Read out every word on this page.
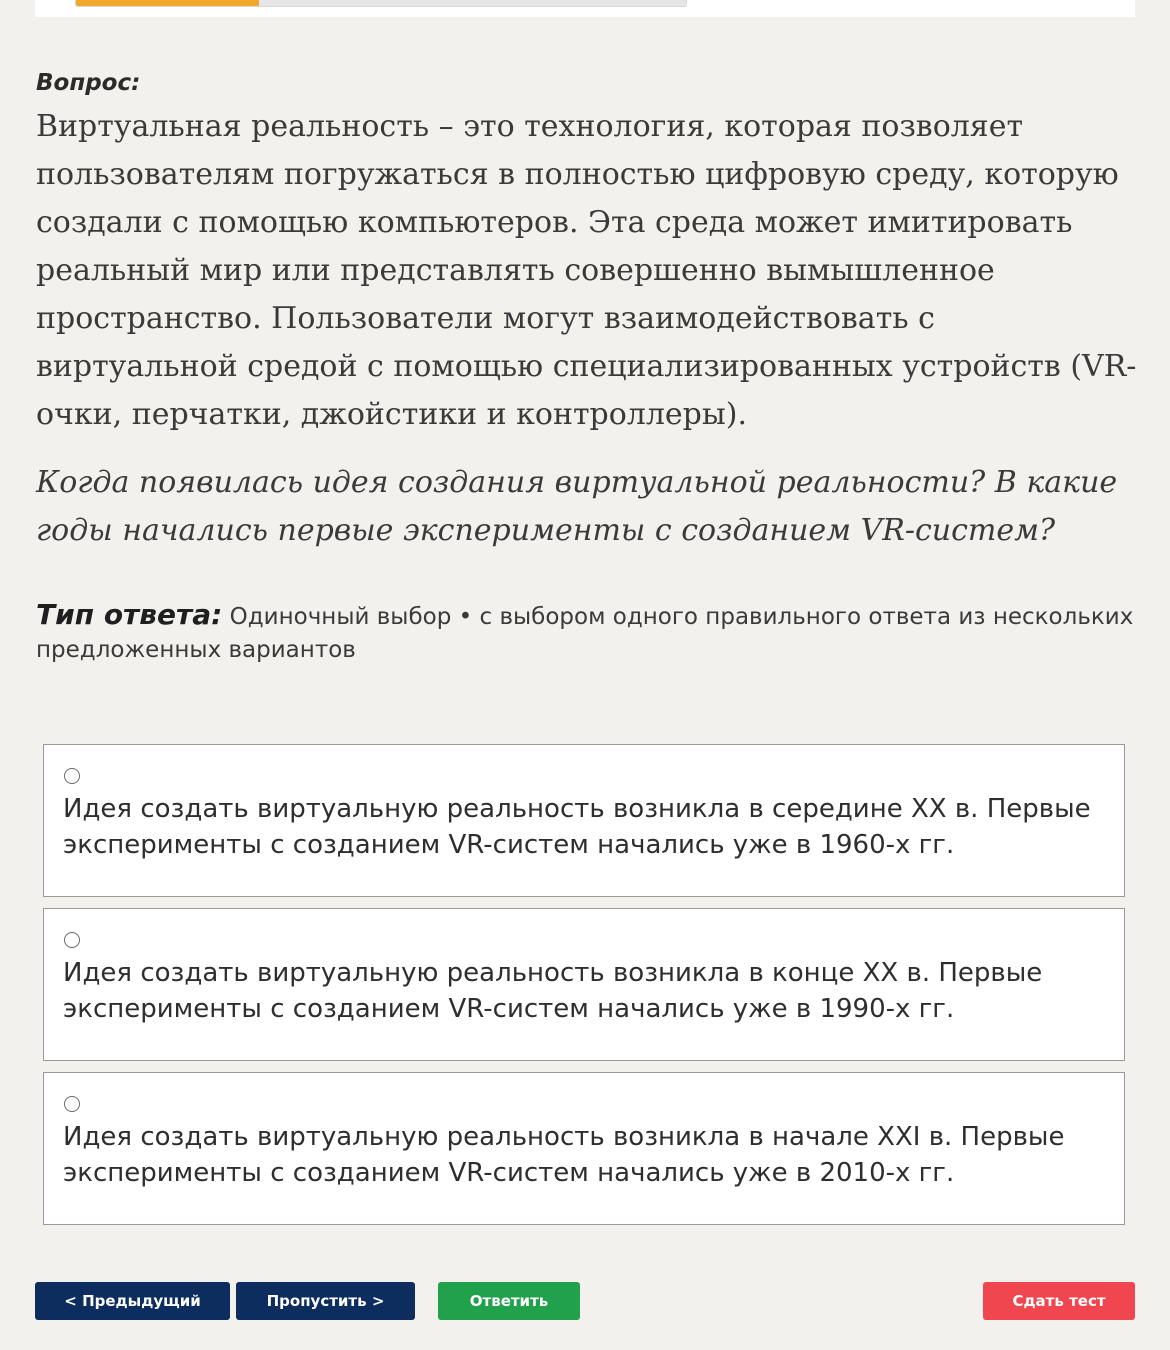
Вопрос:

Виртуальная реальность – это технология, которая позволяет пользователям погружаться в полностью цифровую среду, которую создали с помощью компьютеров. Эта среда может имитировать реальный мир или представлять совершенно вымышленное пространство. Пользователи могут взаимодействовать с виртуальной средой с помощью специализированных устройств (VR-очки, перчатки, джойстики и контроллеры).

Когда появилась идея создания виртуальной реальности? В какие годы начались первые эксперименты с созданием VR-систем?

Тип ответа: Одиночный выбор • с выбором одного правильного ответа из нескольких предложенных вариантов

Идея создать виртуальную реальность возникла в середине XX в. Первые эксперименты с созданием VR-систем начались уже в 1960-х гг.
Идея создать виртуальную реальность возникла в конце XX в. Первые эксперименты с созданием VR-систем начались уже в 1990-х гг.
Идея создать виртуальную реальность возникла в начале XXI в. Первые эксперименты с созданием VR-систем начались уже в 2010-х гг.
< Предыдущий	Пропустить >	Ответить	Сдать тест
